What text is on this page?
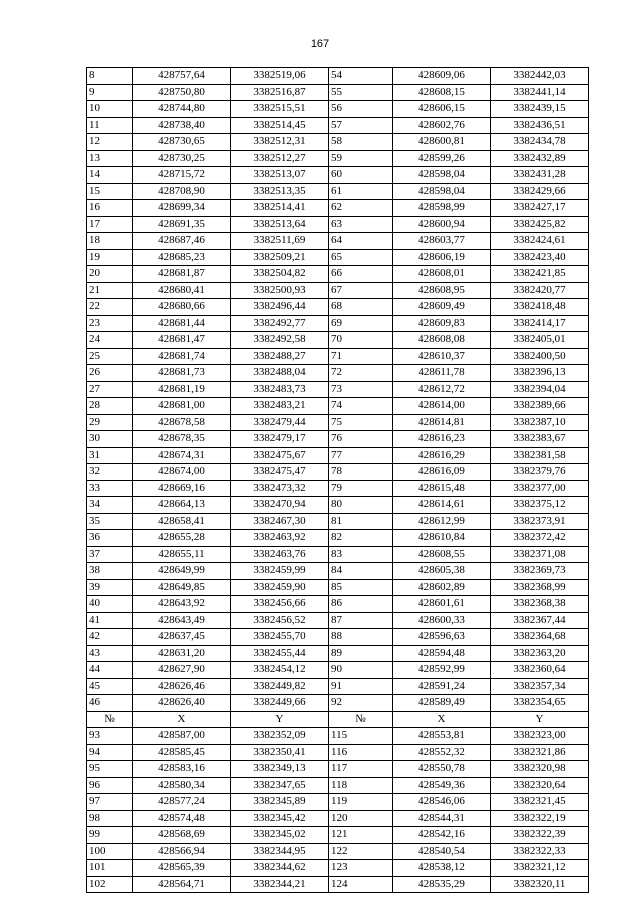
167
8	428757,64	3382519,06	54	428609,06	3382442,03
9	428750,80	3382516,87	55	428608,15	3382441,14
10	428744,80	3382515,51	56	428606,15	3382439,15
11	428738,40	3382514,45	57	428602,76	3382436,51
12	428730,65	3382512,31	58	428600,81	3382434,78
13	428730,25	3382512,27	59	428599,26	3382432,89
14	428715,72	3382513,07	60	428598,04	3382431,28
15	428708,90	3382513,35	61	428598,04	3382429,66
16	428699,34	3382514,41	62	428598,99	3382427,17
17	428691,35	3382513,64	63	428600,94	3382425,82
18	428687,46	3382511,69	64	428603,77	3382424,61
19	428685,23	3382509,21	65	428606,19	3382423,40
20	428681,87	3382504,82	66	428608,01	3382421,85
21	428680,41	3382500,93	67	428608,95	3382420,77
22	428680,66	3382496,44	68	428609,49	3382418,48
23	428681,44	3382492,77	69	428609,83	3382414,17
24	428681,47	3382492,58	70	428608,08	3382405,01
25	428681,74	3382488,27	71	428610,37	3382400,50
26	428681,73	3382488,04	72	428611,78	3382396,13
27	428681,19	3382483,73	73	428612,72	3382394,04
28	428681,00	3382483,21	74	428614,00	3382389,66
29	428678,58	3382479,44	75	428614,81	3382387,10
30	428678,35	3382479,17	76	428616,23	3382383,67
31	428674,31	3382475,67	77	428616,29	3382381,58
32	428674,00	3382475,47	78	428616,09	3382379,76
33	428669,16	3382473,32	79	428615,48	3382377,00
34	428664,13	3382470,94	80	428614,61	3382375,12
35	428658,41	3382467,30	81	428612,99	3382373,91
36	428655,28	3382463,92	82	428610,84	3382372,42
37	428655,11	3382463,76	83	428608,55	3382371,08
38	428649,99	3382459,99	84	428605,38	3382369,73
39	428649,85	3382459,90	85	428602,89	3382368,99
40	428643,92	3382456,66	86	428601,61	3382368,38
41	428643,49	3382456,52	87	428600,33	3382367,44
42	428637,45	3382455,70	88	428596,63	3382364,68
43	428631,20	3382455,44	89	428594,48	3382363,20
44	428627,90	3382454,12	90	428592,99	3382360,64
45	428626,46	3382449,82	91	428591,24	3382357,34
46	428626,40	3382449,66	92	428589,49	3382354,65
№	X	Y	№	X	Y
93	428587,00	3382352,09	115	428553,81	3382323,00
94	428585,45	3382350,41	116	428552,32	3382321,86
95	428583,16	3382349,13	117	428550,78	3382320,98
96	428580,34	3382347,65	118	428549,36	3382320,64
97	428577,24	3382345,89	119	428546,06	3382321,45
98	428574,48	3382345,42	120	428544,31	3382322,19
99	428568,69	3382345,02	121	428542,16	3382322,39
100	428566,94	3382344,95	122	428540,54	3382322,33
101	428565,39	3382344,62	123	428538,12	3382321,12
102	428564,71	3382344,21	124	428535,29	3382320,11
